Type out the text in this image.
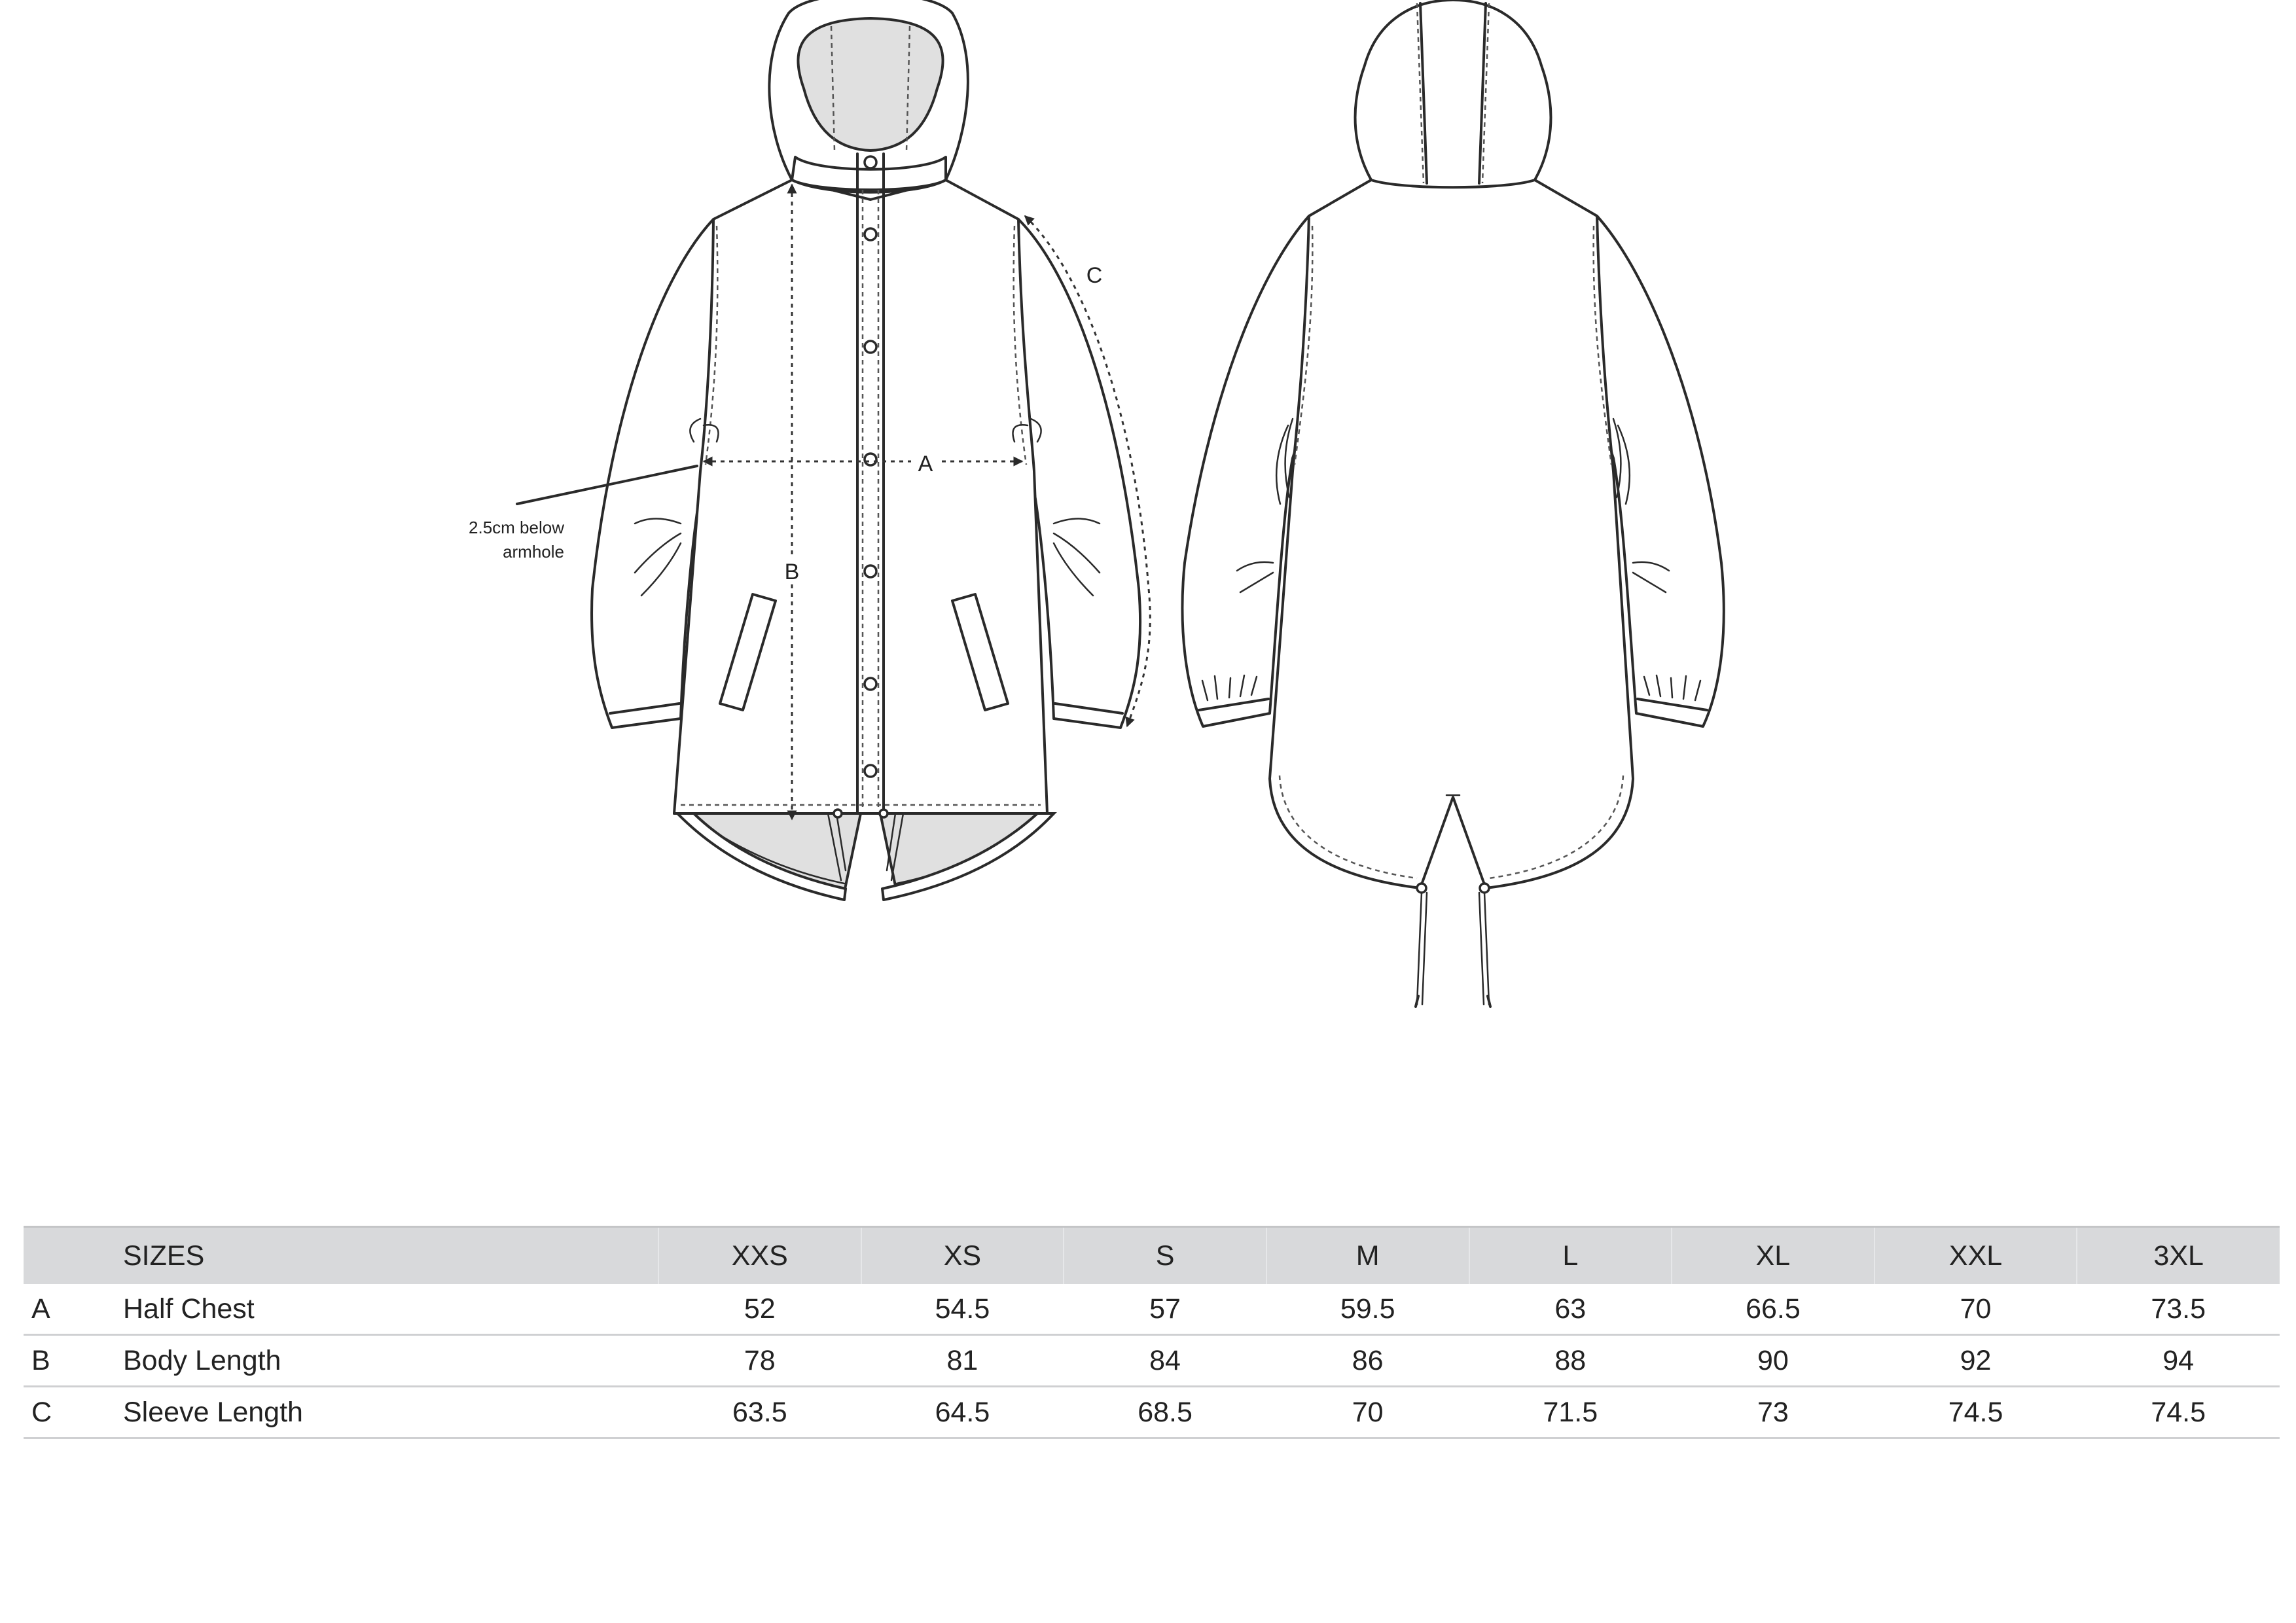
A
B
C
2.5cm below
armhole
	SIZES	XXS	XS	S	M	L	XL	XXL	3XL
A	Half Chest	52	54.5	57	59.5	63	66.5	70	73.5
B	Body Length	78	81	84	86	88	90	92	94
C	Sleeve Length	63.5	64.5	68.5	70	71.5	73	74.5	74.5
